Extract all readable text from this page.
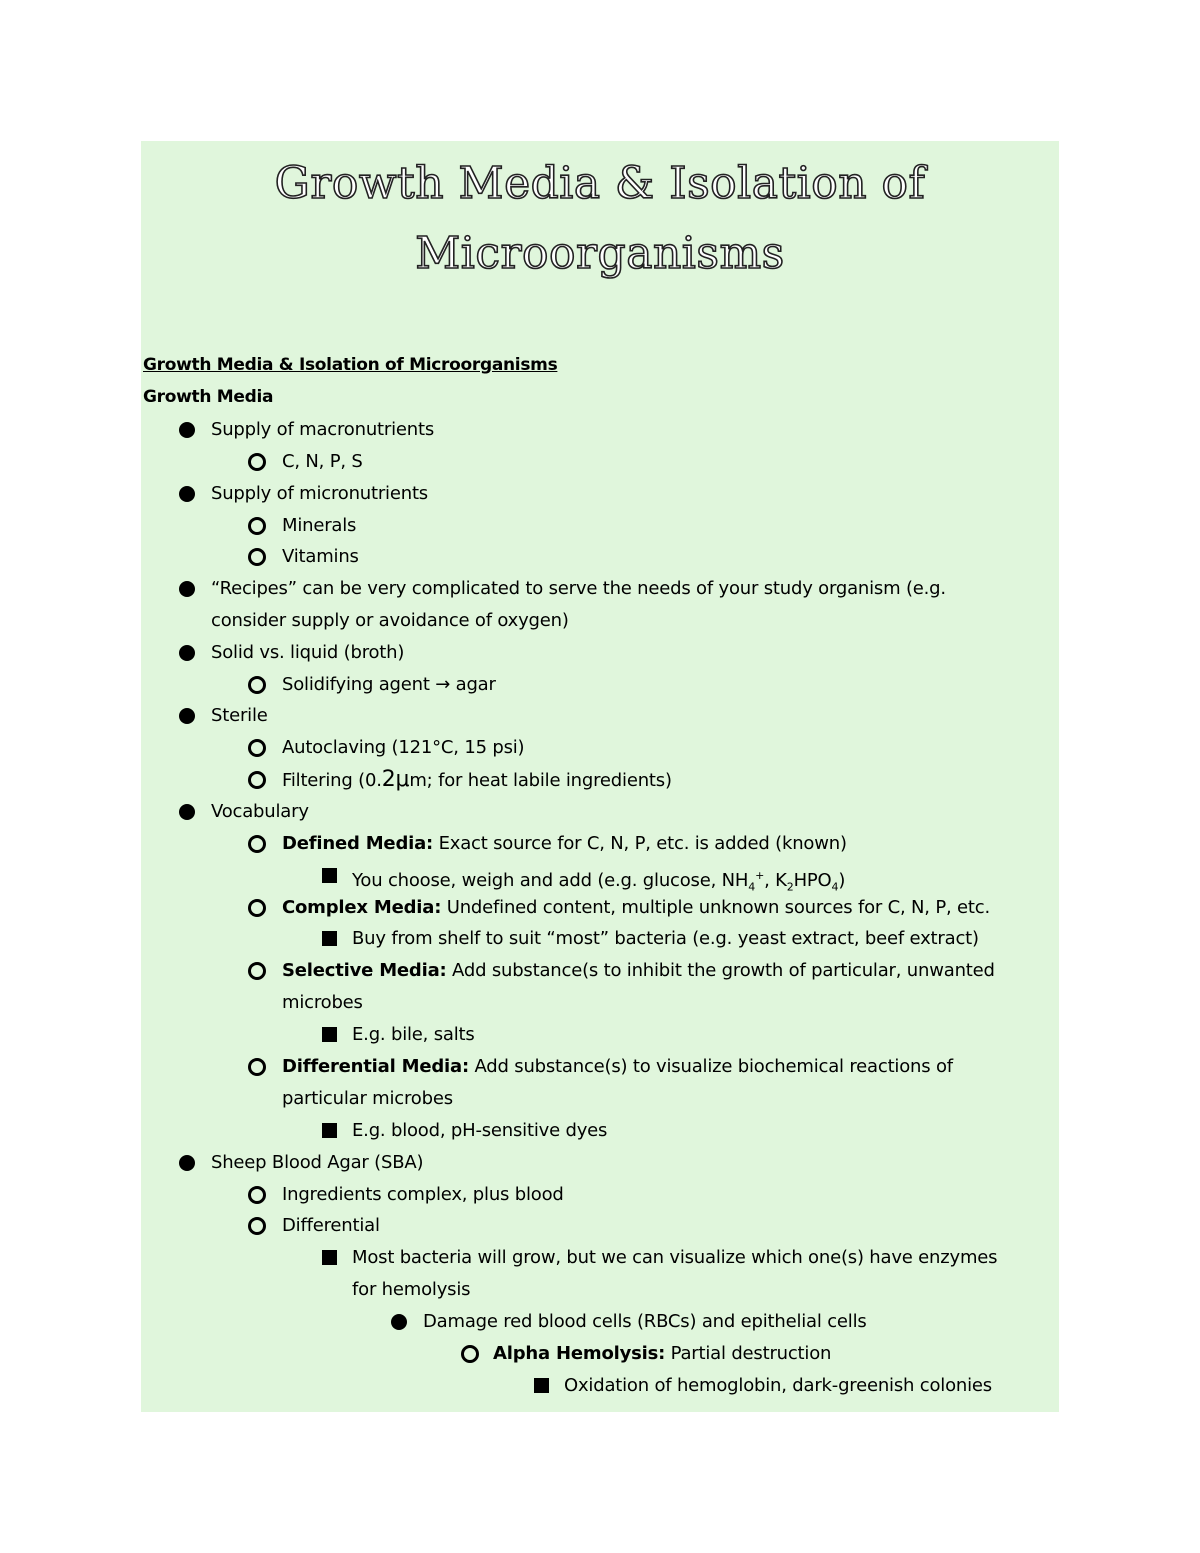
Growth Media & Isolation of
Microorganisms
Growth Media & Isolation of Microorganisms
Growth Media
Supply of macronutrients
C, N, P, S
Supply of micronutrients
Minerals
Vitamins
“Recipes” can be very complicated to serve the needs of your study organism (e.g.
consider supply or avoidance of oxygen)
Solid vs. liquid (broth)
Solidifying agent → agar
Sterile
Autoclaving (121°C, 15 psi)
Filtering (0.2μm; for heat labile ingredients)
Vocabulary
Defined Media: Exact source for C, N, P, etc. is added (known)
You choose, weigh and add (e.g. glucose, $NH_4^+$, $K_2HPO_4$)
Complex Media: Undefined content, multiple unknown sources for C, N, P, etc.
Buy from shelf to suit “most” bacteria (e.g. yeast extract, beef extract)
Selective Media: Add substance(s to inhibit the growth of particular, unwanted
microbes
E.g. bile, salts
Differential Media: Add substance(s) to visualize biochemical reactions of
particular microbes
E.g. blood, pH-sensitive dyes
Sheep Blood Agar (SBA)
Ingredients complex, plus blood
Differential
Most bacteria will grow, but we can visualize which one(s) have enzymes
for hemolysis
Damage red blood cells (RBCs) and epithelial cells
Alpha Hemolysis: Partial destruction
Oxidation of hemoglobin, dark-greenish colonies
